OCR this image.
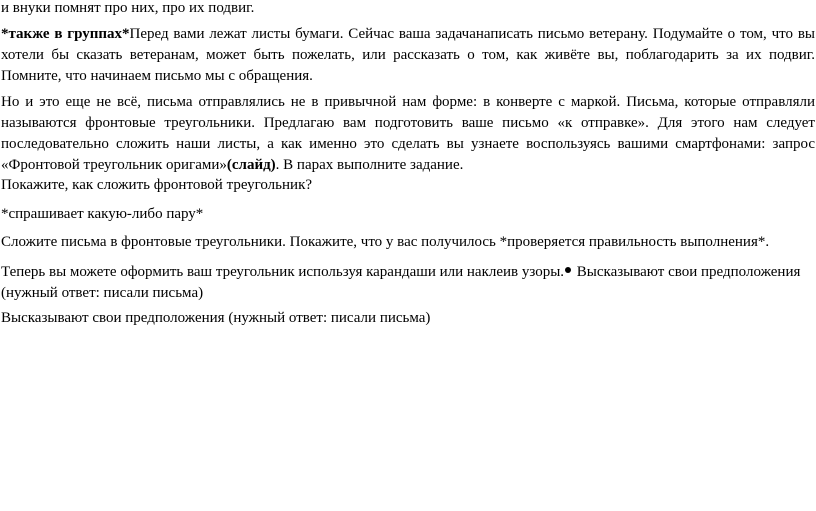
и внуки помнят про них, про их подвиг.

*также в группах*Перед вами лежат листы бумаги. Сейчас ваша задачанаписать письмо ветерану. Подумайте о том, что вы хотели бы сказать ветеранам, может быть пожелать, или рассказать о том, как живёте вы, поблагодарить за их подвиг. Помните, что начинаем письмо мы с обращения.

Но и это еще не всё, письма отправлялись не в привычной нам форме: в конверте с маркой. Письма, которые отправляли называются фронтовые треугольники. Предлагаю вам подготовить ваше письмо «к отправке». Для этого нам следует последовательно сложить наши листы, а как именно это сделать вы узнаете воспользуясь вашими смартфонами: запрос «Фронтовой треугольник оригами»(слайд). В парах выполните задание.

Покажите, как сложить фронтовой треугольник?

*спрашивает какую-либо пару*

Сложите письма в фронтовые треугольники. Покажите, что у вас получилось *проверяется правильность выполнения*.

Теперь вы можете оформить ваш треугольник используя карандаши или наклеив узоры. Высказывают свои предположения (нужный ответ: писали письма)

Высказывают свои предположения (нужный ответ: писали письма)
